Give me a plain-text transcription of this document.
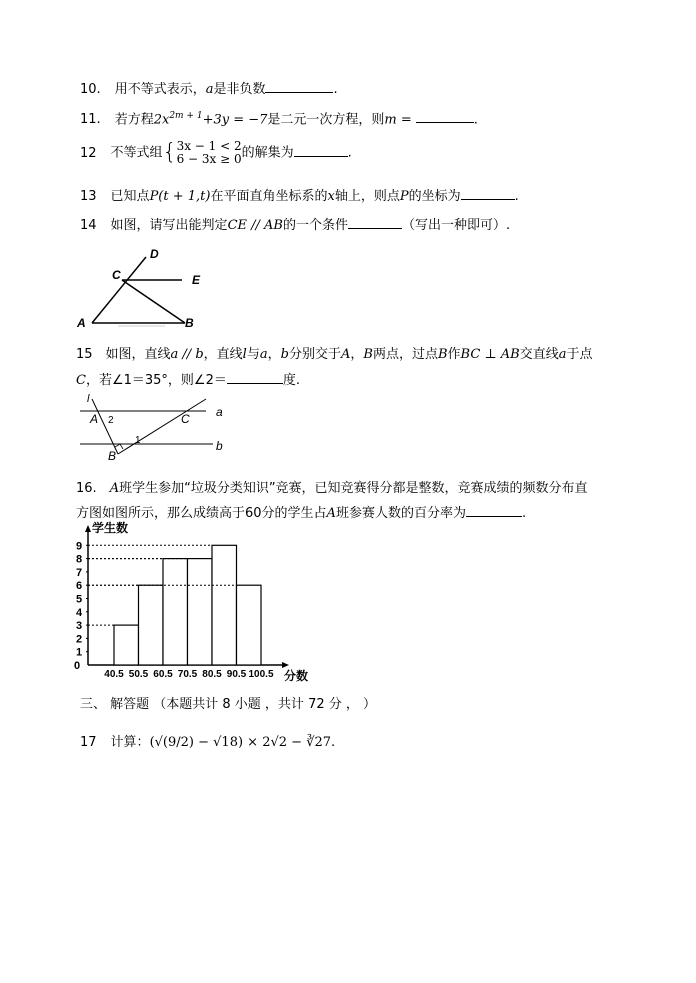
10. 用不等式表示，a是非负数	.
11. 若方程$2x^{2m + 1}+3y = -7$是二元一次方程，则m =	.
12 不等式组{3x − 1 < 2
6 − 3x ≥ 0的解集为	.
13 已知点P(t + 1,t)在平面直角坐标系的x轴上，则点P的坐标为	.
14 如图，请写出能判定CE // AB的一个条件	（写出一种即可）.
D
C	E
A	B
15　如图，直线a // b，直线l与a，b分别交于A，B两点，过点B作BC ⊥ AB交直线a于点
C，若∠1＝35°，则∠2＝	度.
l
A 2	C a
1	b
B
16.　A班学生参加“垃圾分类知识”竞赛，已知竞赛得分都是整数，竞赛成绩的频数分布直
方图如图所示，那么成绩高于60分的学生占A班参赛人数的百分率为	.
0
1
2
3
4
5
6
7
8
9
40.5 50.5 60.5 70.5 80.5 90.5 100.5
学生数
分数
三、 解答题 （本题共计 8 小题 ，共计 72 分 ， ）
17 计算：(√(9/2) − √18) × 2√2 − ∛27.
